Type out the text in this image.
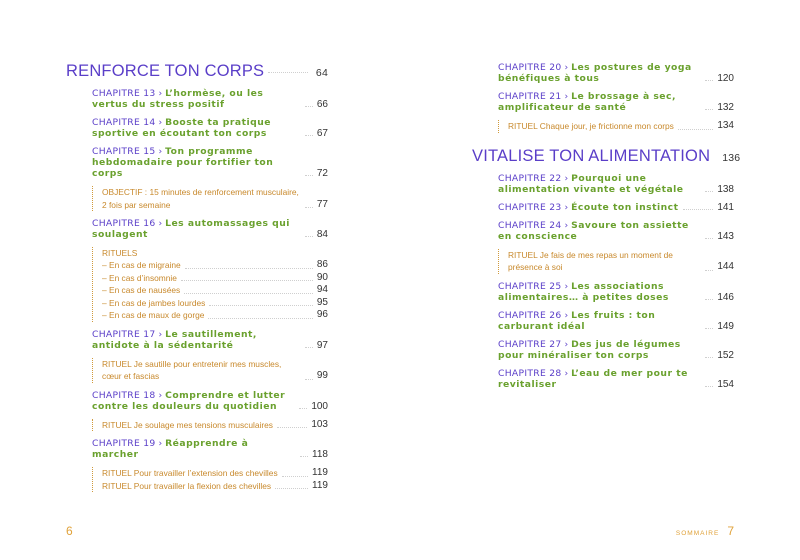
RENFORCE TON CORPS	64
CHAPITRE 13 › L’hormèse, ou les vertus du stress positif	66
CHAPITRE 14 › Booste ta pratique sportive en écoutant ton corps	67
CHAPITRE 15 › Ton programme hebdomadaire pour fortifier ton corps	72
OBJECTIF : 15 minutes de renforcement musculaire, 2 fois par semaine	77
CHAPITRE 16 › Les automassages qui soulagent	84
RITUELS
– En cas de migraine	86
– En cas d’insomnie	90
– En cas de nausées	94
– En cas de jambes lourdes	95
– En cas de maux de gorge	96
CHAPITRE 17 › Le sautillement, antidote à la sédentarité	97
RITUEL Je sautille pour entretenir mes muscles, cœur et fascias	99
CHAPITRE 18 › Comprendre et lutter contre les douleurs du quotidien	100
RITUEL Je soulage mes tensions musculaires	103
CHAPITRE 19 › Réapprendre à marcher	118
RITUEL Pour travailler l’extension des chevilles	119
RITUEL Pour travailler la flexion des chevilles	119
CHAPITRE 20 › Les postures de yoga bénéfiques à tous	120
CHAPITRE 21 › Le brossage à sec, amplificateur de santé	132
RITUEL Chaque jour, je frictionne mon corps	134
VITALISE TON ALIMENTATION 136
CHAPITRE 22 › Pourquoi une alimentation vivante et végétale	138
CHAPITRE 23 › Écoute ton instinct	141
CHAPITRE 24 › Savoure ton assiette en conscience	143
RITUEL Je fais de mes repas un moment de présence à soi	144
CHAPITRE 25 › Les associations alimentaires… à petites doses	146
CHAPITRE 26 › Les fruits : ton carburant idéal	149
CHAPITRE 27 › Des jus de légumes pour minéraliser ton corps	152
CHAPITRE 28 › L’eau de mer pour te revitaliser	154
6	SOMMAIRE 7
